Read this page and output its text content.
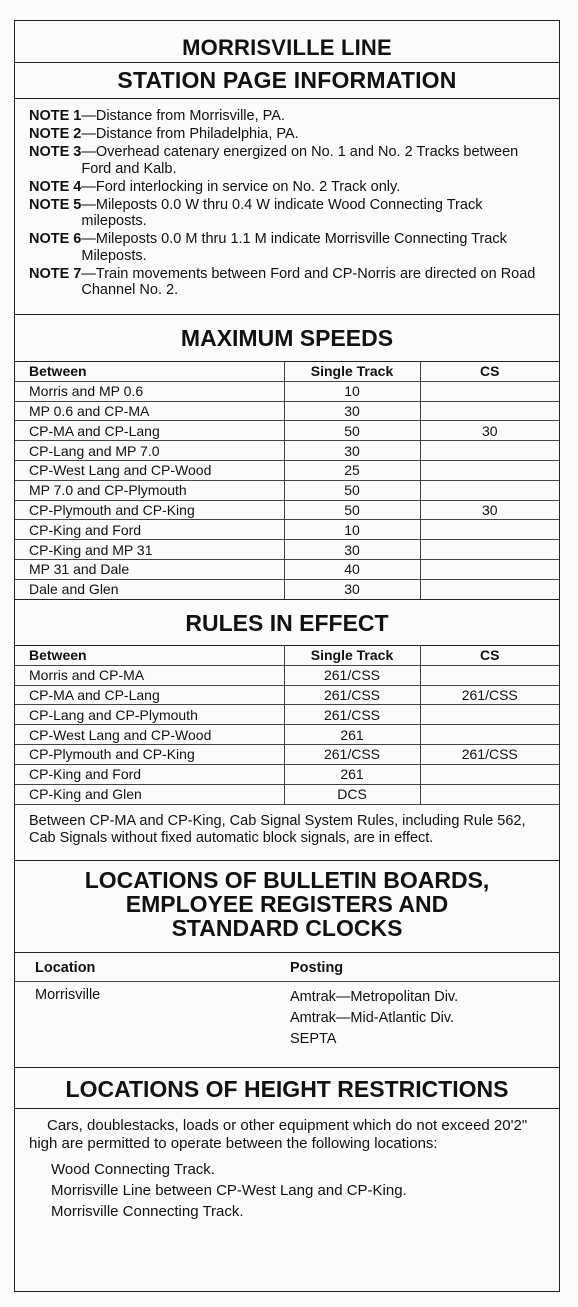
MORRISVILLE LINE
STATION PAGE INFORMATION
NOTE 1 —Distance from Morrisville, PA.
NOTE 2 —Distance from Philadelphia, PA.
NOTE 3 —Overhead catenary energized on No. 1 and No. 2 Tracks between Ford and Kalb.
NOTE 4 —Ford interlocking in service on No. 2 Track only.
NOTE 5 —Mileposts 0.0 W thru 0.4 W indicate Wood Connecting Track mileposts.
NOTE 6 —Mileposts 0.0 M thru 1.1 M indicate Morrisville Connecting Track Mileposts.
NOTE 7 —Train movements between Ford and CP-Norris are directed on Road Channel No. 2.
MAXIMUM SPEEDS
Between	Single Track	CS
Morris and MP 0.6	10	
MP 0.6 and CP-MA	30	
CP-MA and CP-Lang	50	30
CP-Lang and MP 7.0	30	
CP-West Lang and CP-Wood	25	
MP 7.0 and CP-Plymouth	50	
CP-Plymouth and CP-King	50	30
CP-King and Ford	10	
CP-King and MP 31	30	
MP 31 and Dale	40	
Dale and Glen	30	
RULES IN EFFECT
Between	Single Track	CS
Morris and CP-MA	261/CSS	
CP-MA and CP-Lang	261/CSS	261/CSS
CP-Lang and CP-Plymouth	261/CSS	
CP-West Lang and CP-Wood	261	
CP-Plymouth and CP-King	261/CSS	261/CSS
CP-King and Ford	261	
CP-King and Glen	DCS	
Between CP-MA and CP-King, Cab Signal System Rules, including Rule 562, Cab Signals without fixed automatic block signals, are in effect.
LOCATIONS OF BULLETIN BOARDS,
EMPLOYEE REGISTERS AND
STANDARD CLOCKS
Location	Posting
Morrisville	Amtrak—Metropolitan Div.
Amtrak—Mid-Atlantic Div.
SEPTA
LOCATIONS OF HEIGHT RESTRICTIONS
Cars, doublestacks, loads or other equipment which do not exceed 20'2" high are permitted to operate between the following locations:
Wood Connecting Track.
Morrisville Line between CP-West Lang and CP-King.
Morrisville Connecting Track.
